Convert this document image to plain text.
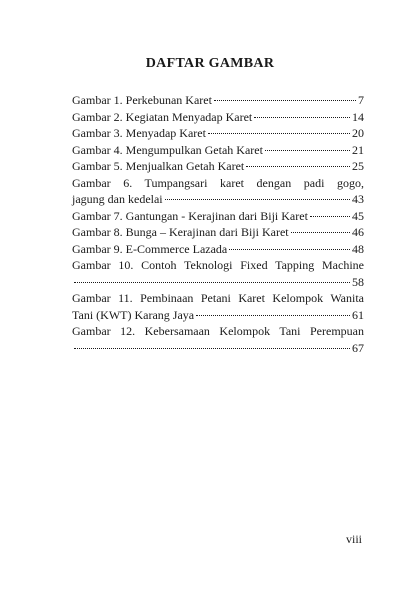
DAFTAR GAMBAR
Gambar 1. Perkebunan Karet	7
Gambar 2. Kegiatan Menyadap Karet	14
Gambar 3. Menyadap Karet	20
Gambar 4. Mengumpulkan Getah Karet	21
Gambar 5. Menjualkan Getah Karet	25
Gambar 6. Tumpangsari karet dengan padi gogo,
jagung dan kedelai	43
Gambar 7. Gantungan - Kerajinan dari Biji Karet	45
Gambar 8. Bunga – Kerajinan dari Biji Karet	46
Gambar 9. E-Commerce Lazada	48
Gambar 10. Contoh Teknologi Fixed Tapping Machine
58
Gambar 11. Pembinaan Petani Karet Kelompok Wanita
Tani (KWT) Karang Jaya	61
Gambar 12. Kebersamaan Kelompok Tani Perempuan
67
viii
